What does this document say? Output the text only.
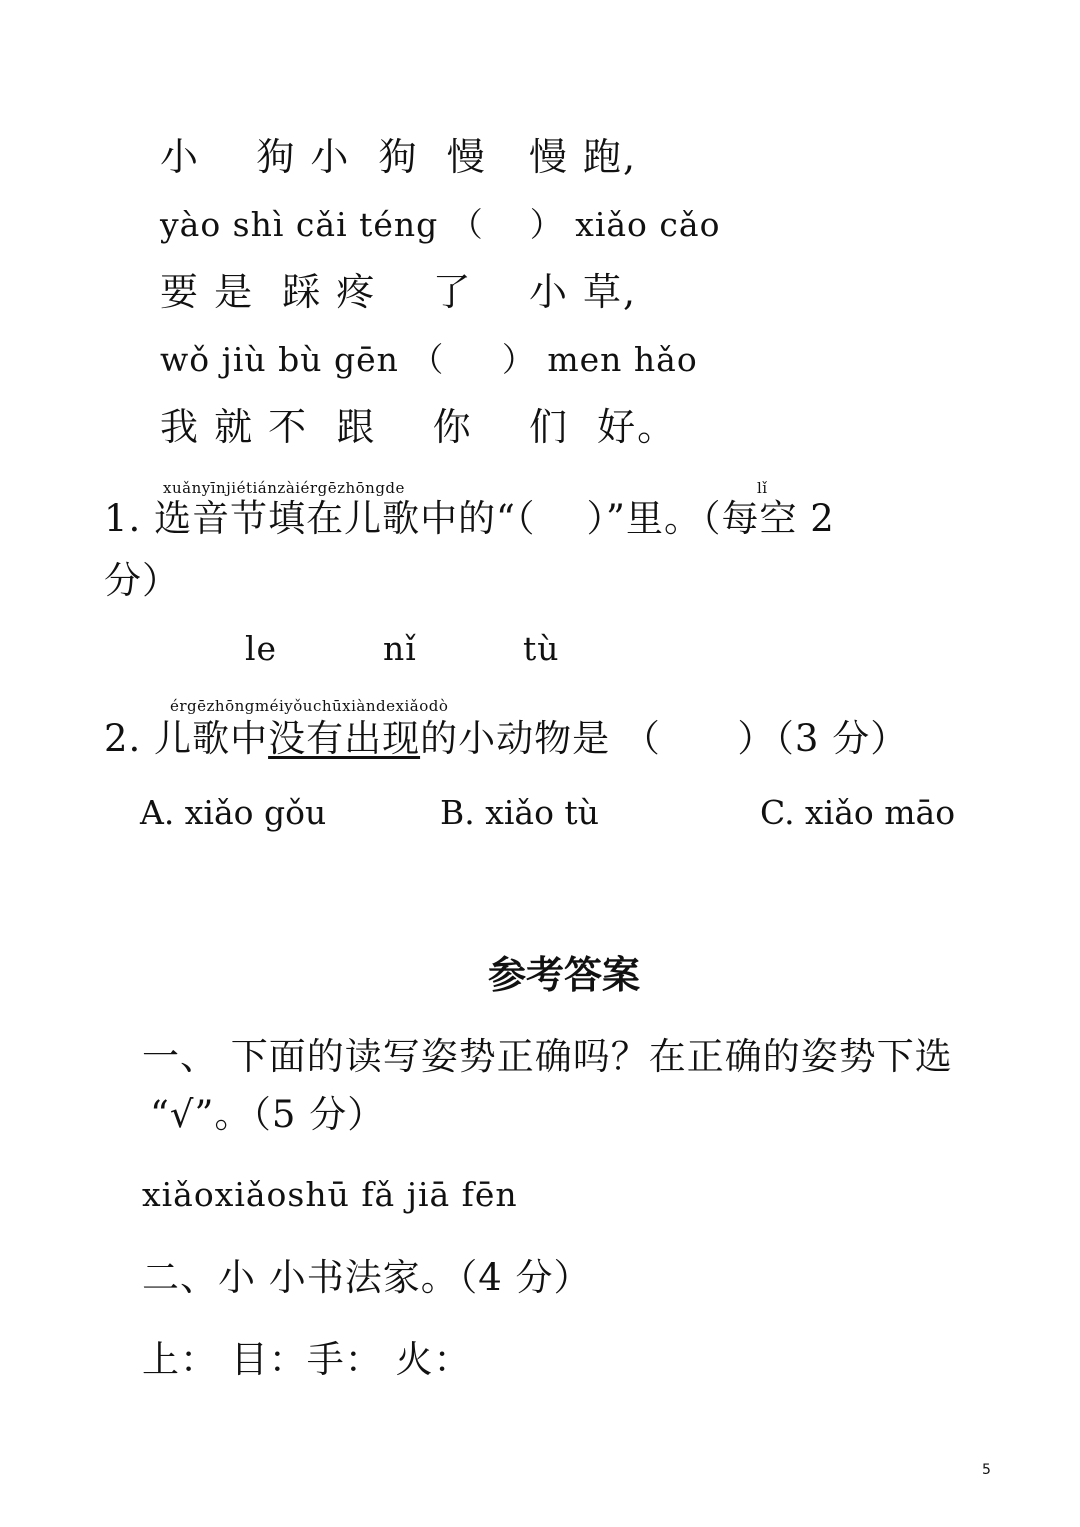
小    狗 小  狗  慢   慢 跑,
yào shì cǎi téng （    ） xiǎo cǎo
要 是  踩 疼    了    小 草,
wǒ jiù bù gēn （     ） men hǎo
我 就 不  跟    你    们  好。
xuǎnyīnjiétiánzàiérgēzhōngde	lǐ
1. 选音节填在儿歌中的“（    ）”里。（每空 2
分）
le	nǐ	tù
érgēzhōngméiyǒuchūxiàndexiǎodò
2. 儿歌中没有出现的小动物是 （      ）（3 分）
A. xiǎo gǒu	B. xiǎo tù	C. xiǎo māo
参考答案
一、 下面的读写姿势正确吗？在正确的姿势下选
“√”。（5 分）
xiǎoxiǎoshū fǎ jiā fēn
二、小 小书法家。（4 分）
上： 目：手： 火：
5
